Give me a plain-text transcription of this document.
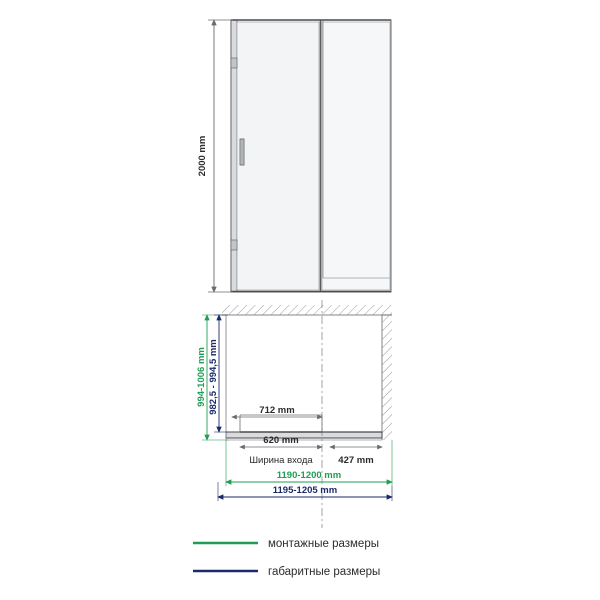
2000 mm
994-1006 mm 982,5 - 994,5 mm	712 mm
620 mm
Ширина входа	427 mm
1190-1200 mm
1195-1205 mm
монтажные размеры
габаритные размеры
